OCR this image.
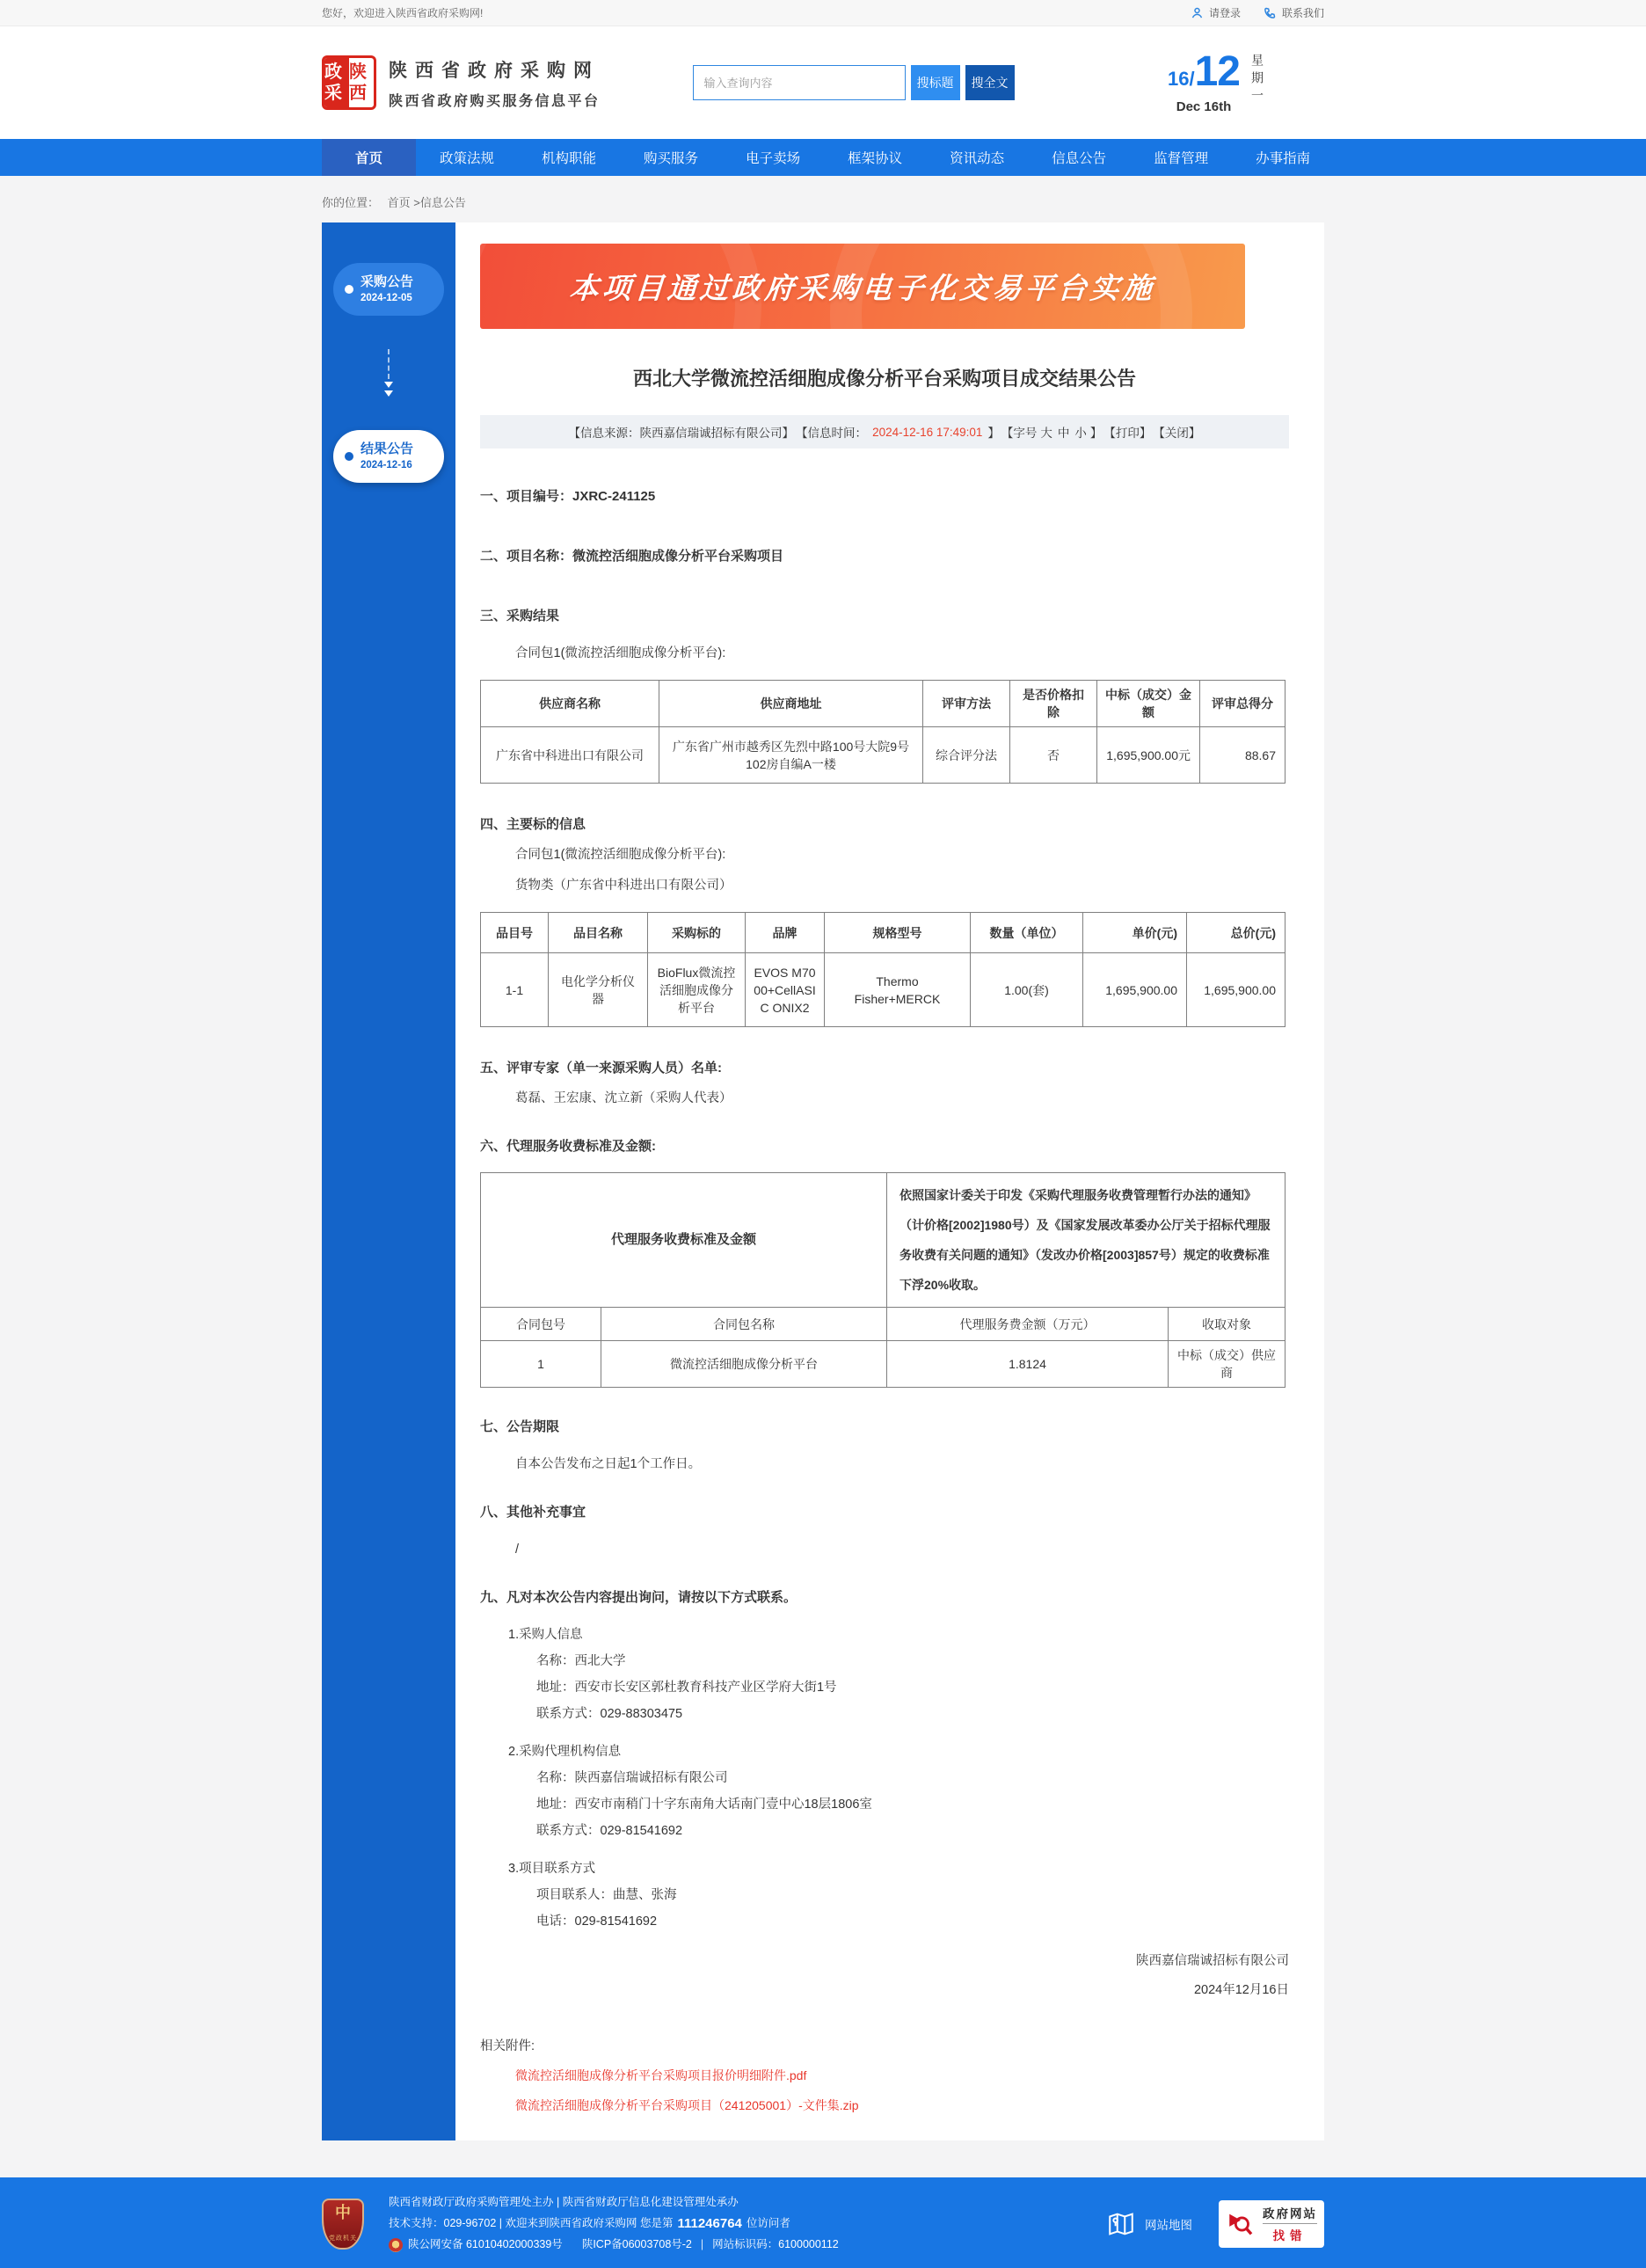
您好，欢迎进入陕西省政府采购网!	请登录	联系我们
政采
陕西
陕西省政府采购网
陕西省政府购买服务信息平台
输入查询内容
搜标题	搜全文	16/ 12
Dec 16th
星期一
首页	政策法规	机构职能	购买服务	电子卖场	框架协议	资讯动态	信息公告	监督管理	办事指南
你的位置： 首页 >信息公告
采购公告
2024-12-05
结果公告
2024-12-16
本项目通过政府采购电子化交易平台实施
西北大学微流控活细胞成像分析平台采购项目成交结果公告
【信息来源：陕西嘉信瑞诚招标有限公司】 【信息时间： 2024-12-16 17:49:01 】 【字号 大 中 小 】 【打印】 【关闭】
一、项目编号：JXRC-241125
二、项目名称：微流控活细胞成像分析平台采购项目
三、采购结果
合同包1(微流控活细胞成像分析平台):
供应商名称	供应商地址	评审方法	是否价格扣除	中标（成交）金额	评审总得分
广东省中科进出口有限公司	广东省广州市越秀区先烈中路100号大院9号102房自编A一楼	综合评分法	否	1,695,900.00元	88.67
四、主要标的信息
合同包1(微流控活细胞成像分析平台):
货物类（广东省中科进出口有限公司）
品目号	品目名称	采购标的	品牌	规格型号	数量（单位）	单价(元)	总价(元)
1-1	电化学分析仪器	BioFlux微流控活细胞成像分析平台	EVOS M7000+CellASIC ONIX2	Thermo Fisher+MERCK	1.00(套)	1,695,900.00	1,695,900.00
五、评审专家（单一来源采购人员）名单:
葛磊、王宏康、沈立新（采购人代表）
六、代理服务收费标准及金额:
代理服务收费标准及金额		依照国家计委关于印发《采购代理服务收费管理暂行办法的通知》（计价格[2002]1980号）及《国家发展改革委办公厅关于招标代理服务收费有关问题的通知》（发改办价格[2003]857号）规定的收费标准下浮20%收取。	
合同包号	合同包名称	代理服务费金额（万元）	收取对象
1	微流控活细胞成像分析平台	1.8124	中标（成交）供应商
七、公告期限
自本公告发布之日起1个工作日。
八、其他补充事宜
/
九、凡对本次公告内容提出询问，请按以下方式联系。
1.采购人信息
名称：西北大学
地址：西安市长安区郭杜教育科技产业区学府大街1号
联系方式：029-88303475
2.采购代理机构信息
名称：陕西嘉信瑞诚招标有限公司
地址：西安市南稍门十字东南角大话南门壹中心18层1806室
联系方式：029-81541692
3.项目联系方式
项目联系人：曲慧、张海
电话：029-81541692
陕西嘉信瑞诚招标有限公司
2024年12月16日
相关附件:
微流控活细胞成像分析平台采购项目报价明细附件.pdf
微流控活细胞成像分析平台采购项目（241205001）-文件集.zip
中
党政机关
陕西省财政厅政府采购管理处主办 | 陕西省财政厅信息化建设管理处承办
技术支持：029-96702 | 欢迎来到陕西省政府采购网 您是第 111246764 位访问者
陕公网安备 61010402000339号 陕ICP备06003708号-2 | 网站标识码：6100000112
网站地图
政府网站
找错
